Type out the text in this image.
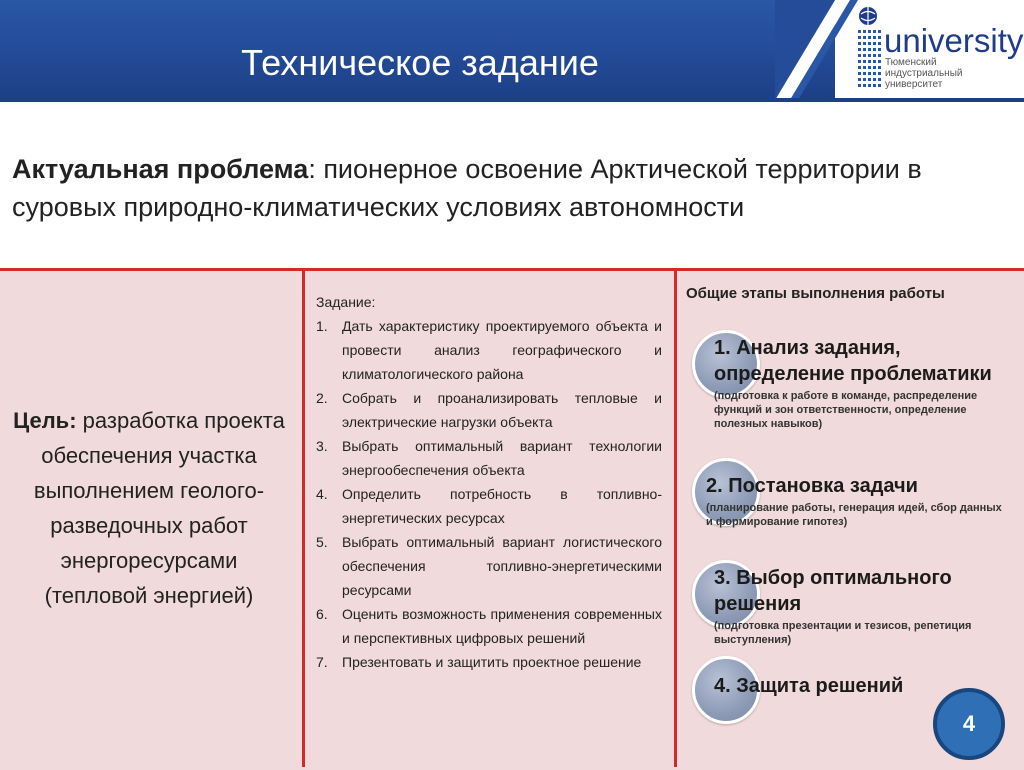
Техническое задание
university
Тюменский
индустриальный
университет
Актуальная проблема: пионерное освоение Арктической территории в суровых природно-климатических условиях автономности
Цель: разработка проекта обеспечения участка выполнением геолого-разведочных работ энергоресурсами (тепловой энергией)
Задание:
1.	Дать характеристику проектируемого объекта и провести анализ географического и климатологического района
2.	Собрать и проанализировать тепловые и электрические нагрузки объекта
3.	Выбрать оптимальный вариант технологии энергообеспечения объекта
4.	Определить потребность в топливно-энергетических ресурсах
5.	Выбрать оптимальный вариант логистического обеспечения топливно-энергетическими ресурсами
6.	Оценить возможность применения современных и перспективных цифровых решений
7.	Презентовать и защитить проектное решение
Общие этапы выполнения работы
1. Анализ задания, определение проблематики
(подготовка к работе в команде, распределение функций и зон ответственности, определение полезных навыков)
2. Постановка задачи
(планирование работы, генерация идей, сбор данных и формирование гипотез)
3. Выбор оптимального решения
(подготовка презентации и тезисов, репетиция выступления)
4. Защита решений
4
